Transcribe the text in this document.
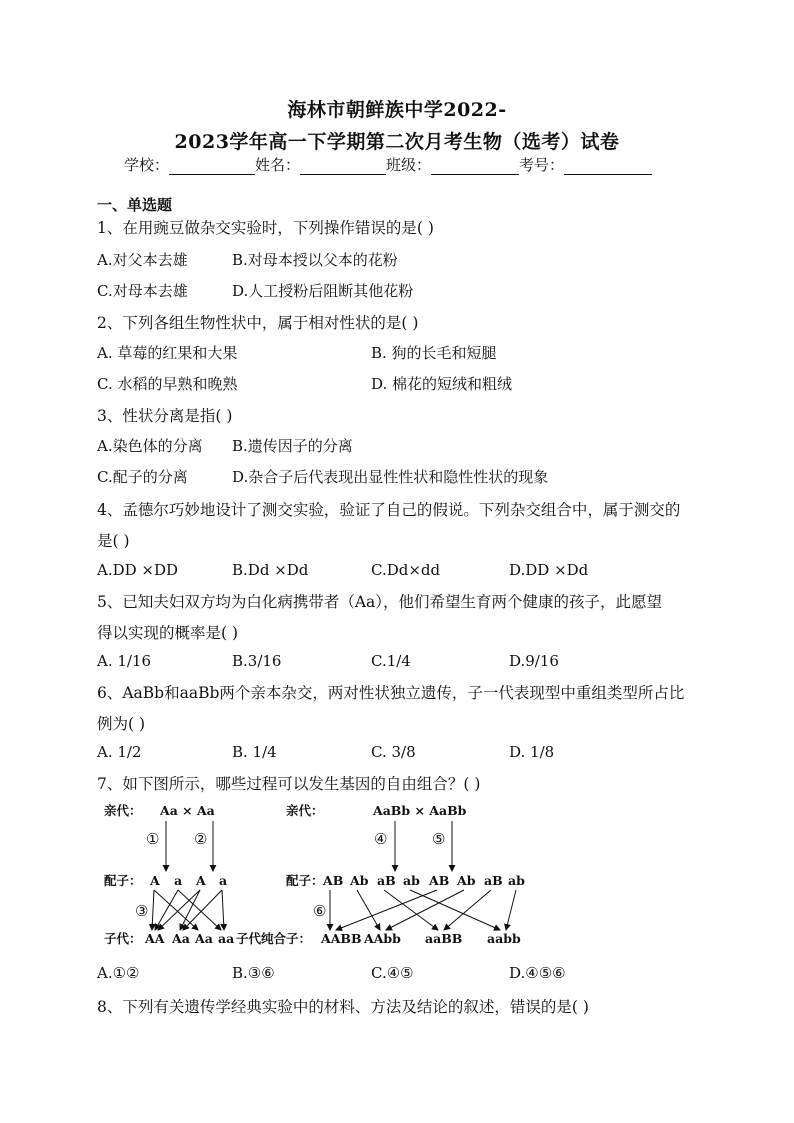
海林市朝鲜族中学2022-
2023学年高一下学期第二次月考生物（选考）试卷
学校：	姓名：	班级：	考号：
一、单选题
1、在用豌豆做杂交实验时，下列操作错误的是( )
A.对父本去雄	B.对母本授以父本的花粉
C.对母本去雄	D.人工授粉后阻断其他花粉
2、下列各组生物性状中，属于相对性状的是( )
A. 草莓的红果和大果	B. 狗的长毛和短腿
C. 水稻的早熟和晚熟	D. 棉花的短绒和粗绒
3、性状分离是指( )
A.染色体的分离 B.遗传因子的分离
C.配子的分离	D.杂合子后代表现出显性性状和隐性性状的现象
4、孟德尔巧妙地设计了测交实验，验证了自己的假说。下列杂交组合中，属于测交的
是( )
A.DD ×DD	B.Dd ×Dd	C.Dd×dd	D.DD ×Dd
5、已知夫妇双方均为白化病携带者（Aa），他们希望生育两个健康的孩子，此愿望
得以实现的概率是( )
A. 1/16	B.3/16	C.1/4	D.9/16
6、AaBb和aaBb两个亲本杂交，两对性状独立遗传，子一代表现型中重组类型所占比
例为( )
A. 1/2	B. 1/4	C. 3/8	D. 1/8
7、如下图所示，哪些过程可以发生基因的自由组合？( )
亲代： Aa × Aa
① ②
配子： A a A a
③
子代： AA Aa Aa aa
亲代：	AaBb × AaBb
④	⑤
配子： AB Ab aB ab AB Ab aB ab
⑥
子代纯合子： AABB AAbb aaBB aabb
A.①②	B.③⑥	C.④⑤	D.④⑤⑥
8、下列有关遗传学经典实验中的材料、方法及结论的叙述，错误的是( )
